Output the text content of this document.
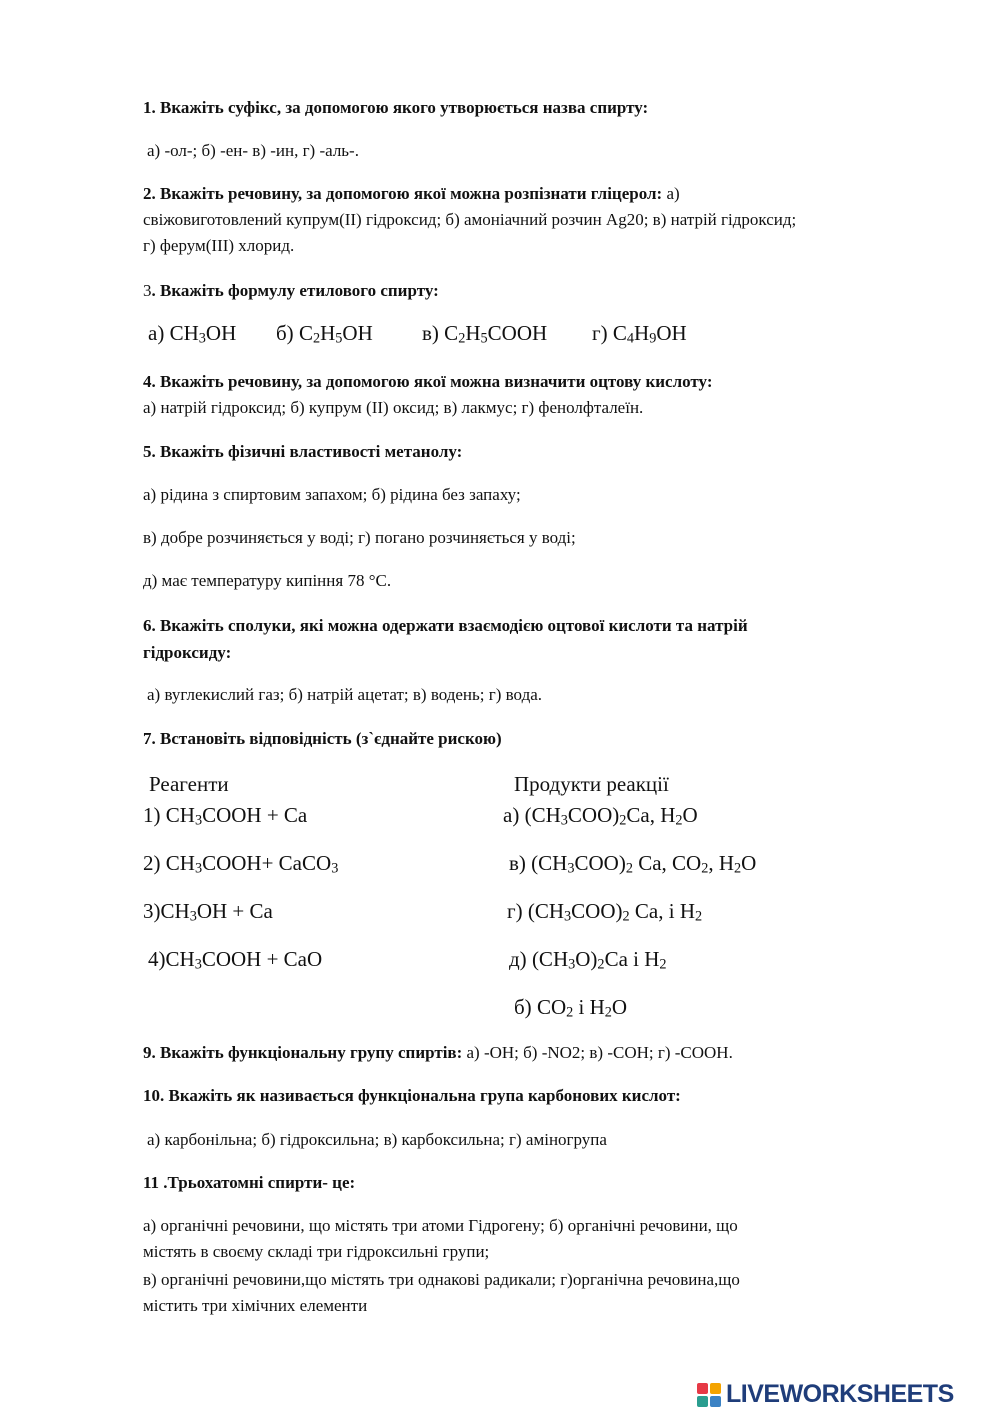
1. Вкажіть суфікс, за допомогою якого утворюється назва спирту:
а) -ол-; б) -ен- в) -ин, г) -аль-.
2. Вкажіть речовину, за допомогою якої можна розпізнати гліцерол: а)
свіжовиготовлений купрум(II) гідроксид; б) амоніачний розчин Ag20; в) натрій гідроксид;
г) ферум(III) хлорид.
3. Вкажіть формулу етилового спирту:
а) $CH_3OH$ б) $C_2H_5OH$ в) $C_2H_5COOH$ г) $C_4H_9OH$
4. Вкажіть речовину, за допомогою якої можна визначити оцтову кислоту:
а) натрій гідроксид; б) купрум (II) оксид; в) лакмус; г) фенолфталеїн.
5. Вкажіть фізичні властивості метанолу:
а) рідина з спиртовим запахом; б) рідина без запаху;
в) добре розчиняється у воді; г) погано розчиняється у воді;
д) має температуру кипіння 78 °С.
6. Вкажіть сполуки, які можна одержати взаємодією оцтової кислоти та натрій
гідроксиду:
а) вуглекислий газ; б) натрій ацетат; в) водень; г) вода.
7. Встановіть відповідність (з`єднайте рискою)
Реагенти	Продукти реакції
1) $CH_3COOH + Ca$
2) $CH_3COOH+$ CaCO$_3$
$3)CH_3OH + Ca$
$4)CH_3COOH$ + CaO
а) $(CH_3COO)_2Ca$, $H_2O$
в) $(CH_3COO)_2$ Ca, $CO_2$, $H_2O$
г) $(CH_3COO)_2$ Ca, і $H_2$
д) $(CH_3O)_2Ca$ і $H_2$
б) $CO_2$ і $H_2O$
9. Вкажіть функціональну групу спиртів: а) -OH; б) -NO2; в) -COH; г) -COOH.
10. Вкажіть як називається функціональна група карбонових кислот:
а) карбонільна; б) гідроксильна; в) карбоксильна; г) аміногрупа
11 .Трьохатомні спирти- це:
а) органічні речовини, що містять три атоми Гідрогену; б) органічні речовини, що
містять в своєму складі три гідроксильні групи;
в) органічні речовини,що містять три однакові радикали; г)органічна речовина,що
містить три хімічних елементи
LIVEWORKSHEETS
